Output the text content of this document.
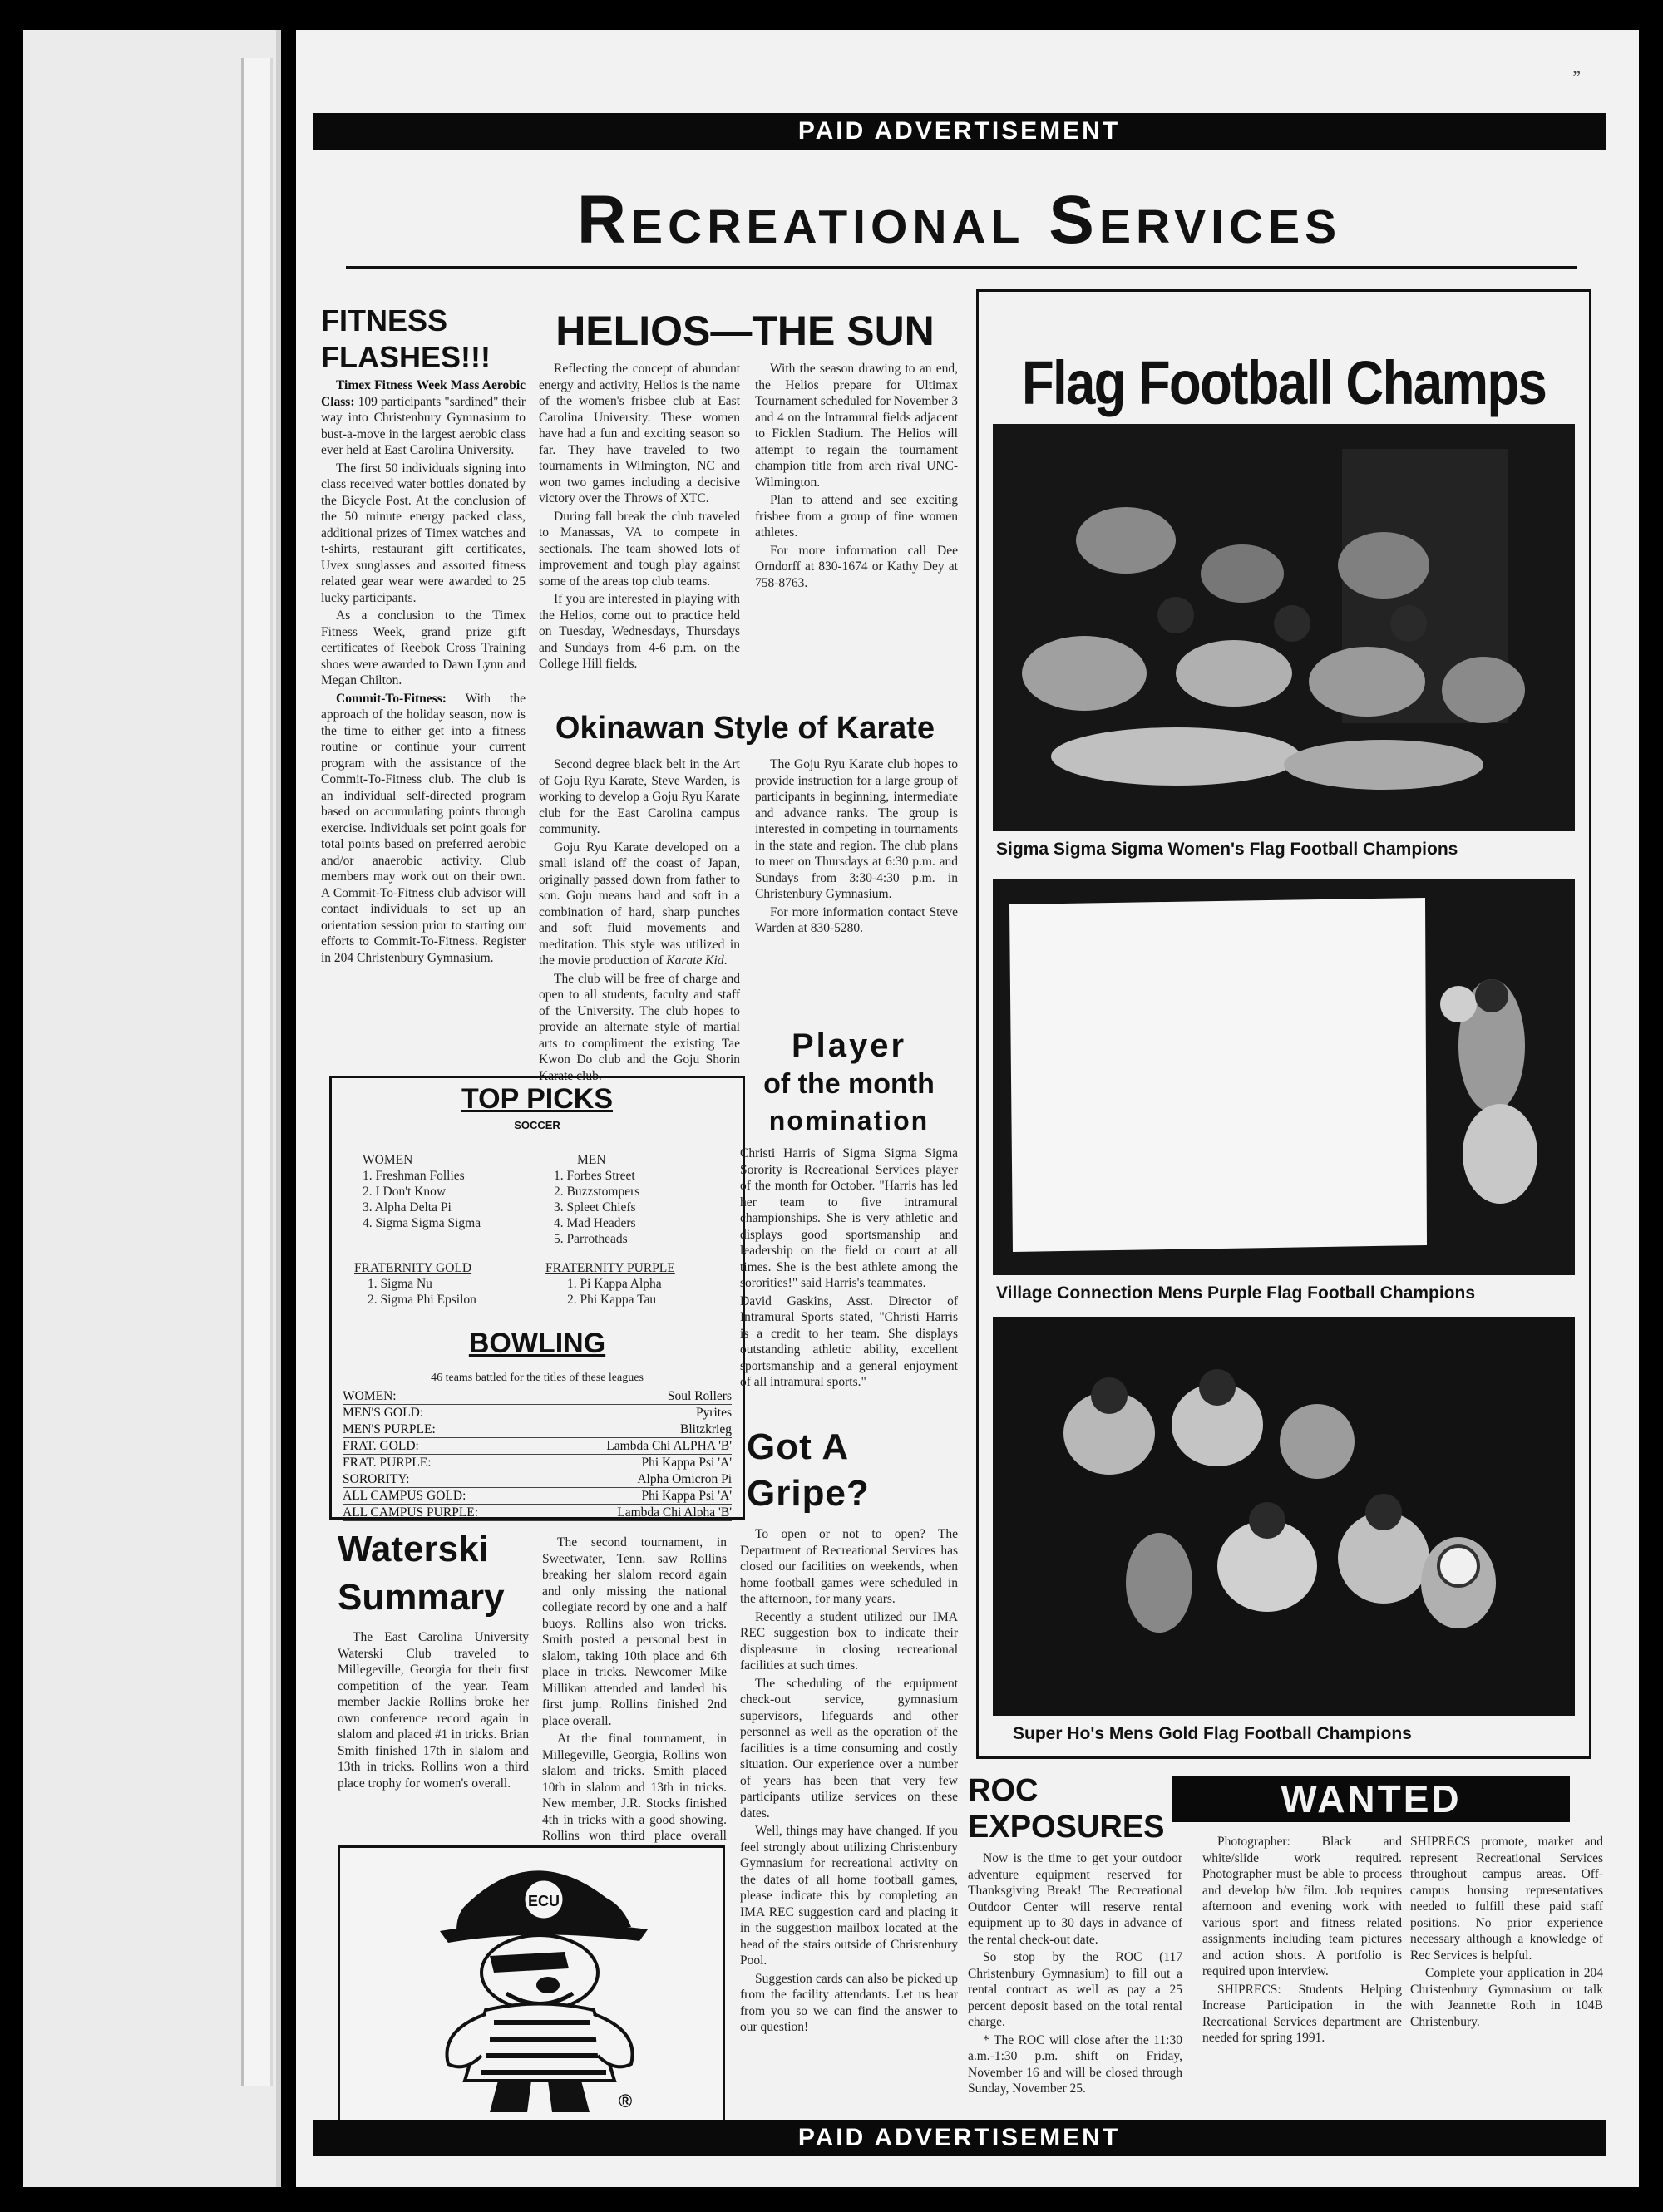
”
PAID ADVERTISEMENT
Recreational Services
FITNESS FLASHES!!!

Timex Fitness Week Mass Aerobic Class: 109 participants "sardined" their way into Christenbury Gymnasium to bust-a-move in the largest aerobic class ever held at East Carolina University.

The first 50 individuals signing into class received water bottles donated by the Bicycle Post. At the conclusion of the 50 minute energy packed class, additional prizes of Timex watches and t-shirts, restaurant gift certificates, Uvex sunglasses and assorted fitness related gear wear were awarded to 25 lucky participants.

As a conclusion to the Timex Fitness Week, grand prize gift certificates of Reebok Cross Training shoes were awarded to Dawn Lynn and Megan Chilton.

Commit-To-Fitness: With the approach of the holiday season, now is the time to either get into a fitness routine or continue your current program with the assistance of the Commit-To-Fitness club. The club is an individual self-directed program based on accumulating points through exercise. Individuals set point goals for total points based on preferred aerobic and/or anaerobic activity. Club members may work out on their own. A Commit-To-Fitness club advisor will contact individuals to set up an orientation session prior to starting our efforts to Commit-To-Fitness. Register in 204 Christenbury Gymnasium.

HELIOS—THE SUN

Reflecting the concept of abundant energy and activity, Helios is the name of the women's frisbee club at East Carolina University. These women have had a fun and exciting season so far. They have traveled to two tournaments in Wilmington, NC and won two games including a decisive victory over the Throws of XTC.

During fall break the club traveled to Manassas, VA to compete in sectionals. The team showed lots of improvement and tough play against some of the areas top club teams.

If you are interested in playing with the Helios, come out to practice held on Tuesday, Wednesdays, Thursdays and Sundays from 4-6 p.m. on the College Hill fields.

With the season drawing to an end, the Helios prepare for Ultimax Tournament scheduled for November 3 and 4 on the Intramural fields adjacent to Ficklen Stadium. The Helios will attempt to regain the tournament champion title from arch rival UNC-Wilmington.

Plan to attend and see exciting frisbee from a group of fine women athletes.

For more information call Dee Orndorff at 830-1674 or Kathy Dey at 758-8763.

Okinawan Style of Karate

Second degree black belt in the Art of Goju Ryu Karate, Steve Warden, is working to develop a Goju Ryu Karate club for the East Carolina campus community.

Goju Ryu Karate developed on a small island off the coast of Japan, originally passed down from father to son. Goju means hard and soft in a combination of hard, sharp punches and soft fluid movements and meditation. This style was utilized in the movie production of Karate Kid.

The club will be free of charge and open to all students, faculty and staff of the University. The club hopes to provide an alternate style of martial arts to compliment the existing Tae Kwon Do club and the Goju Shorin Karate club.

The Goju Ryu Karate club hopes to provide instruction for a large group of participants in beginning, intermediate and advance ranks. The group is interested in competing in tournaments in the state and region. The club plans to meet on Thursdays at 6:30 p.m. and Sundays from 3:30-4:30 p.m. in Christenbury Gymnasium.

For more information contact Steve Warden at 830-5280.

TOP PICKS
SOCCER
WOMEN
1. Freshman Follies
2. I Don't Know
3. Alpha Delta Pi
4. Sigma Sigma Sigma
MEN
1. Forbes Street
2. Buzzstompers
3. Spleet Chiefs
4. Mad Headers
5. Parrotheads
FRATERNITY GOLD
1. Sigma Nu
2. Sigma Phi Epsilon
FRATERNITY PURPLE
1. Pi Kappa Alpha
2. Phi Kappa Tau
BOWLING
46 teams battled for the titles of these leagues
WOMEN:	Soul Rollers
MEN'S GOLD:	Pyrites
MEN'S PURPLE:	Blitzkrieg
FRAT. GOLD:	Lambda Chi ALPHA 'B'
FRAT. PURPLE:	Phi Kappa Psi 'A'
SORORITY:	Alpha Omicron Pi
ALL CAMPUS GOLD:	Phi Kappa Psi 'A'
ALL CAMPUS PURPLE:	Lambda Chi Alpha 'B'
Player
of the month
nomination

Christi Harris of Sigma Sigma Sigma Sorority is Recreational Services player of the month for October. "Harris has led her team to five intramural championships. She is very athletic and displays good sportsmanship and leadership on the field or court at all times. She is the best athlete among the sororities!" said Harris's teammates.

David Gaskins, Asst. Director of Intramural Sports stated, "Christi Harris is a credit to her team. She displays outstanding athletic ability, excellent sportsmanship and a general enjoyment of all intramural sports."

Got A
Gripe?

To open or not to open? The Department of Recreational Services has closed our facilities on weekends, when home football games were scheduled in the afternoon, for many years.

Recently a student utilized our IMA REC suggestion box to indicate their displeasure in closing recreational facilities at such times.

The scheduling of the equipment check-out service, gymnasium supervisors, lifeguards and other personnel as well as the operation of the facilities is a time consuming and costly situation. Our experience over a number of years has been that very few participants utilize services on these dates.

Well, things may have changed. If you feel strongly about utilizing Christenbury Gymnasium for recreational activity on the dates of all home football games, please indicate this by completing an IMA REC suggestion card and placing it in the suggestion mailbox located at the head of the stairs outside of Christenbury Pool.

Suggestion cards can also be picked up from the facility attendants. Let us hear from you so we can find the answer to our question!

Waterski
Summary

The East Carolina University Waterski Club traveled to Millegeville, Georgia for their first competition of the year. Team member Jackie Rollins broke her own conference record again in slalom and placed #1 in tricks. Brian Smith finished 17th in slalom and 13th in tricks. Rollins won a third place trophy for women's overall.

The second tournament, in Sweetwater, Tenn. saw Rollins breaking her slalom record again and only missing the national collegiate record by one and a half buoys. Rollins also won tricks. Smith posted a personal best in slalom, taking 10th place and 6th place in tricks. Newcomer Mike Millikan attended and landed his first jump. Rollins finished 2nd place overall.

At the final tournament, in Millegeville, Georgia, Rollins won slalom and tricks. Smith placed 10th in slalom and 13th in tricks. New member, J.R. Stocks finished 4th in tricks with a good showing. Rollins won third place overall

ECU
®
Flag Football Champs
Sigma Sigma Sigma Women's Flag Football Champions
Village Connection Mens Purple Flag Football Champions
Super Ho's Mens Gold Flag Football Champions
ROC
EXPOSURES

Now is the time to get your outdoor adventure equipment reserved for Thanksgiving Break! The Recreational Outdoor Center will reserve rental equipment up to 30 days in advance of the rental check-out date.

So stop by the ROC (117 Christenbury Gymnasium) to fill out a rental contract as well as pay a 25 percent deposit based on the total rental charge.

* The ROC will close after the 11:30 a.m.-1:30 p.m. shift on Friday, November 16 and will be closed through Sunday, November 25.

WANTED

Photographer: Black and white/slide work required. Photographer must be able to process and develop b/w film. Job requires afternoon and evening work with various sport and fitness related assignments including team pictures and action shots. A portfolio is required upon interview.

SHIPRECS: Students Helping Increase Participation in the Recreational Services department are needed for spring 1991.

SHIPRECS promote, market and represent Recreational Services throughout campus areas. Off-campus housing representatives needed to fulfill these paid staff positions. No prior experience necessary although a knowledge of Rec Services is helpful.

Complete your application in 204 Christenbury Gymnasium or talk with Jeannette Roth in 104B Christenbury.

PAID ADVERTISEMENT
